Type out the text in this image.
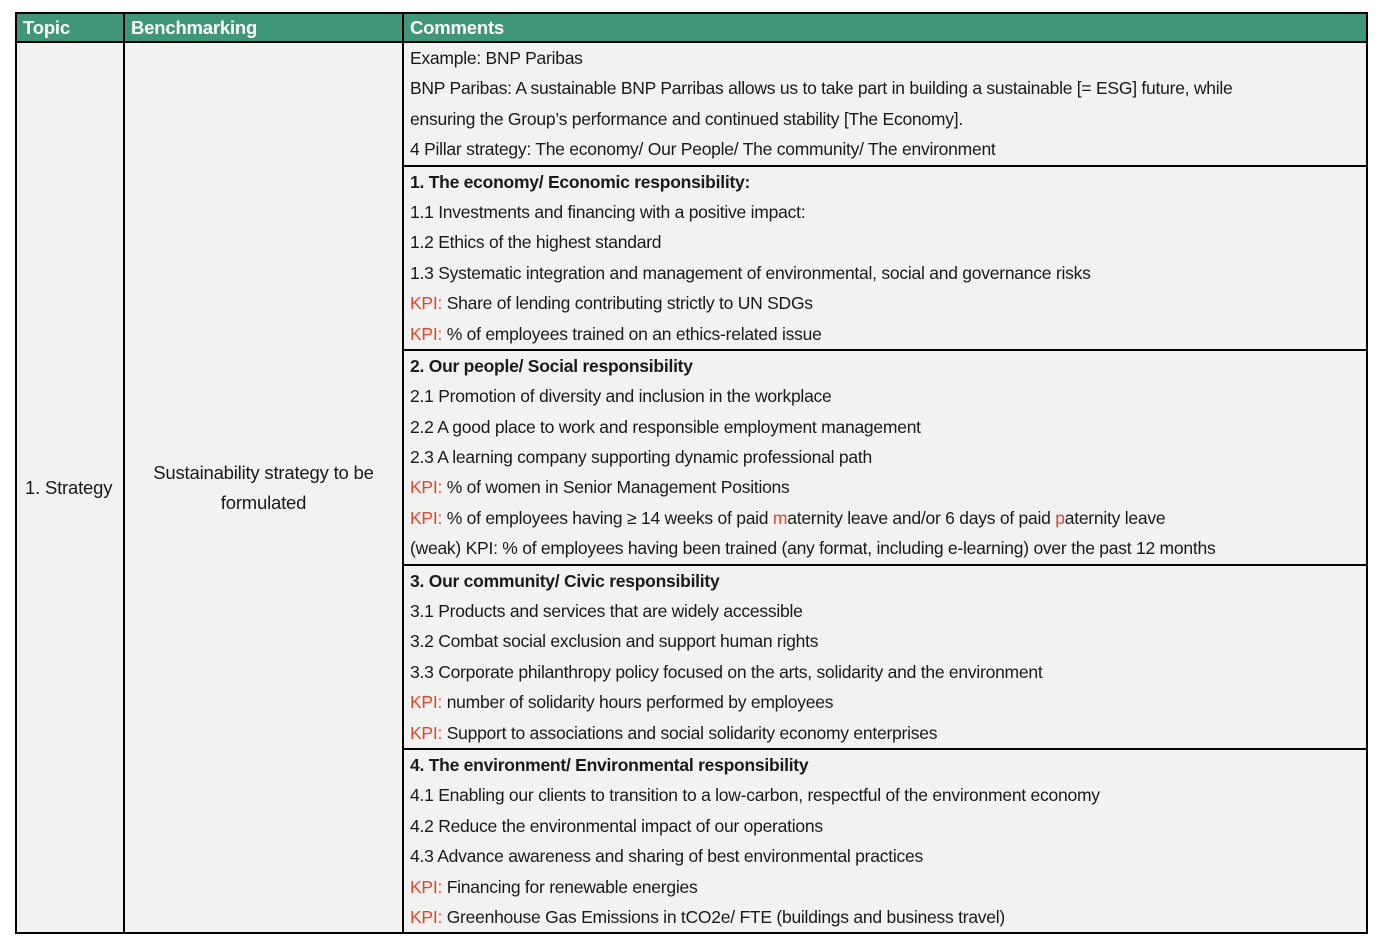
Topic	Benchmarking	Comments
1. Strategy
Sustainability strategy to be formulated
Example: BNP Paribas
BNP Paribas: A sustainable BNP Parribas allows us to take part in building a sustainable [= ESG] future, while
ensuring the Group’s performance and continued stability [The Economy].
4 Pillar strategy: The economy/ Our People/ The community/ The environment
1. The economy/ Economic responsibility:
1.1 Investments and financing with a positive impact:
1.2 Ethics of the highest standard
1.3 Systematic integration and management of environmental, social and governance risks
KPI: Share of lending contributing strictly to UN SDGs
KPI: % of employees trained on an ethics-related issue
2. Our people/ Social responsibility
2.1 Promotion of diversity and inclusion in the workplace
2.2 A good place to work and responsible employment management
2.3 A learning company supporting dynamic professional path
KPI: % of women in Senior Management Positions
KPI: % of employees having ≥ 14 weeks of paid maternity leave and/or 6 days of paid paternity leave
(weak) KPI: % of employees having been trained (any format, including e-learning) over the past 12 months
3. Our community/ Civic responsibility
3.1 Products and services that are widely accessible
3.2 Combat social exclusion and support human rights
3.3 Corporate philanthropy policy focused on the arts, solidarity and the environment
KPI: number of solidarity hours performed by employees
KPI: Support to associations and social solidarity economy enterprises
4. The environment/ Environmental responsibility
4.1 Enabling our clients to transition to a low-carbon, respectful of the environment economy
4.2 Reduce the environmental impact of our operations
4.3 Advance awareness and sharing of best environmental practices
KPI: Financing for renewable energies
KPI: Greenhouse Gas Emissions in tCO2e/ FTE (buildings and business travel)
